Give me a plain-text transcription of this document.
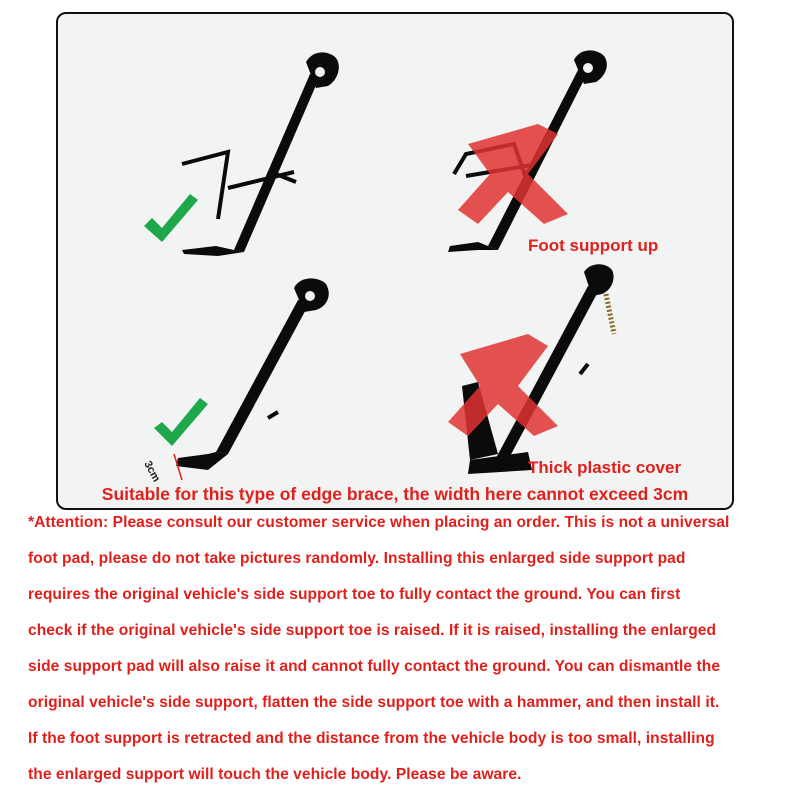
Foot support up
Thick plastic cover
3cm
Suitable for this type of edge brace, the width here cannot exceed 3cm
*Attention: Please consult our customer service when placing an order. This is not a universal
foot pad, please do not take pictures randomly. Installing this enlarged side support pad
requires the original vehicle's side support toe to fully contact the ground. You can first
check if the original vehicle's side support toe is raised. If it is raised, installing the enlarged
side support pad will also raise it and cannot fully contact the ground. You can dismantle the
original vehicle's side support, flatten the side support toe with a hammer, and then install it.
If the foot support is retracted and the distance from the vehicle body is too small, installing
the enlarged support will touch the vehicle body. Please be aware.
